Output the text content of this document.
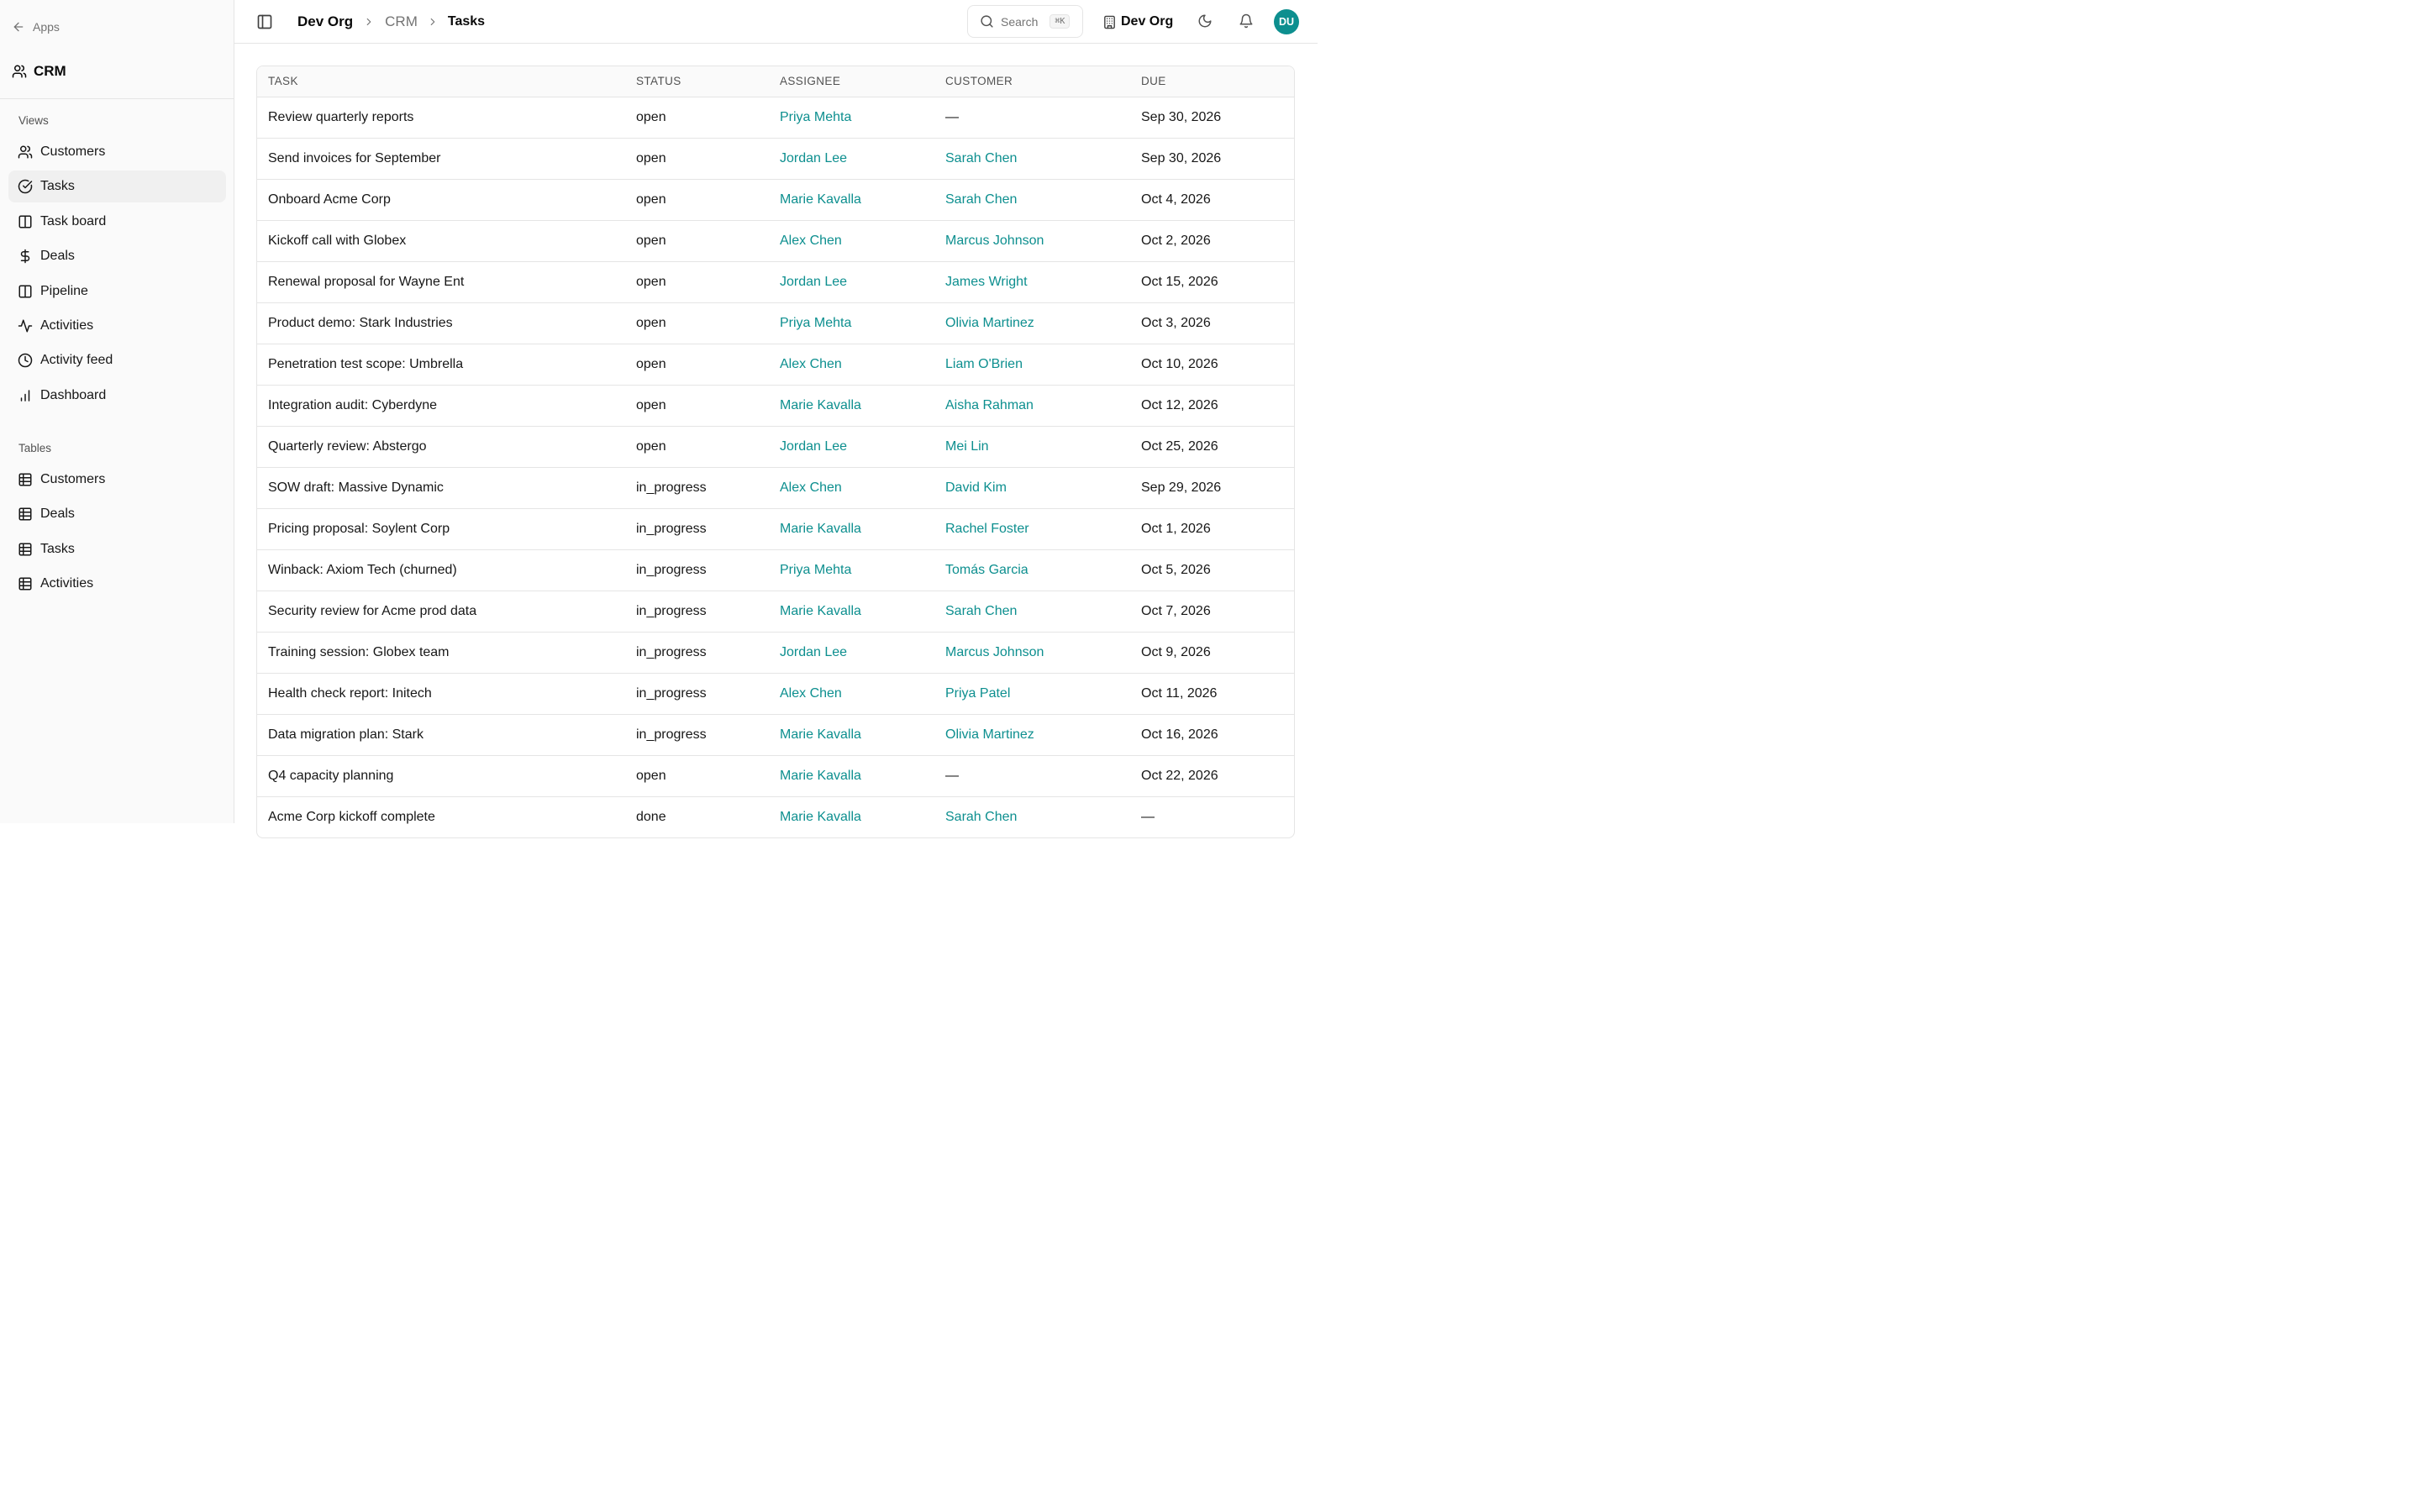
Apps
CRM
Views
Customers
Tasks
Task board
Deals
Pipeline
Activities
Activity feed
Dashboard
Tables
Customers
Deals
Tasks
Activities
Dev Org CRM Tasks	Search	⌘K	Dev Org	DU
TASK	STATUS	ASSIGNEE	CUSTOMER	DUE
Review quarterly reports	open	Priya Mehta	—	Sep 30, 2026
Send invoices for September	open	Jordan Lee	Sarah Chen	Sep 30, 2026
Onboard Acme Corp	open	Marie Kavalla	Sarah Chen	Oct 4, 2026
Kickoff call with Globex	open	Alex Chen	Marcus Johnson	Oct 2, 2026
Renewal proposal for Wayne Ent	open	Jordan Lee	James Wright	Oct 15, 2026
Product demo: Stark Industries	open	Priya Mehta	Olivia Martinez	Oct 3, 2026
Penetration test scope: Umbrella	open	Alex Chen	Liam O'Brien	Oct 10, 2026
Integration audit: Cyberdyne	open	Marie Kavalla	Aisha Rahman	Oct 12, 2026
Quarterly review: Abstergo	open	Jordan Lee	Mei Lin	Oct 25, 2026
SOW draft: Massive Dynamic	in_progress	Alex Chen	David Kim	Sep 29, 2026
Pricing proposal: Soylent Corp	in_progress	Marie Kavalla	Rachel Foster	Oct 1, 2026
Winback: Axiom Tech (churned)	in_progress	Priya Mehta	Tomás Garcia	Oct 5, 2026
Security review for Acme prod data	in_progress	Marie Kavalla	Sarah Chen	Oct 7, 2026
Training session: Globex team	in_progress	Jordan Lee	Marcus Johnson	Oct 9, 2026
Health check report: Initech	in_progress	Alex Chen	Priya Patel	Oct 11, 2026
Data migration plan: Stark	in_progress	Marie Kavalla	Olivia Martinez	Oct 16, 2026
Q4 capacity planning	open	Marie Kavalla	—	Oct 22, 2026
Acme Corp kickoff complete	done	Marie Kavalla	Sarah Chen	—
